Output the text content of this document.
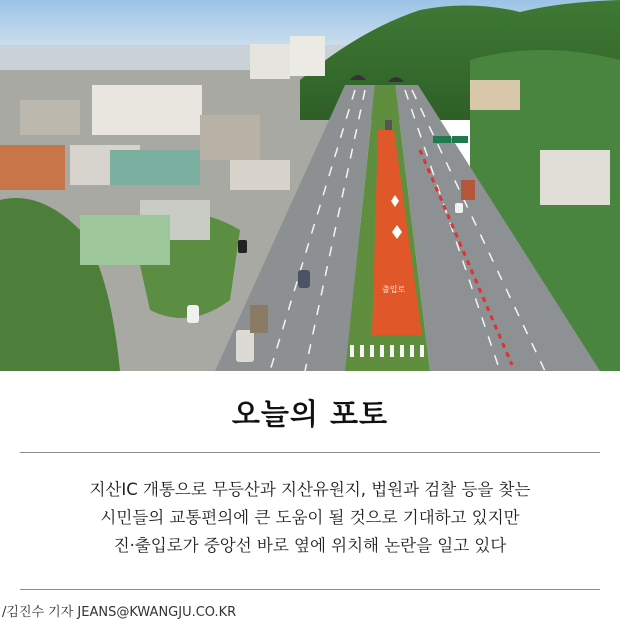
출입로
오늘의 포토
지산IC 개통으로 무등산과 지산유원지, 법원과 검찰 등을 찾는
시민들의 교통편의에 큰 도움이 될 것으로 기대하고 있지만
진·출입로가 중앙선 바로 옆에 위치해 논란을 일고 있다
/김진수 기자 JEANS@KWANGJU.CO.KR
